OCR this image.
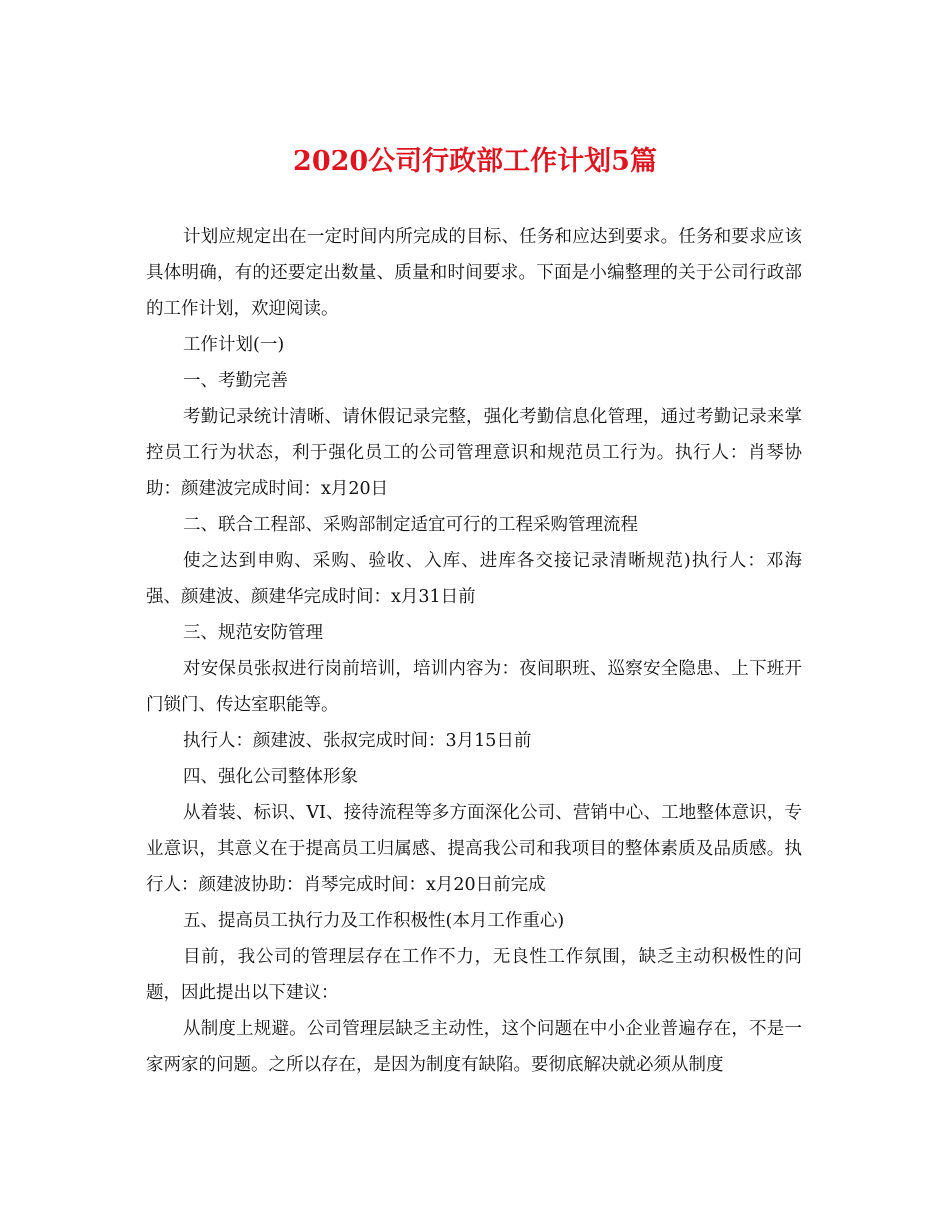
2020公司行政部工作计划5篇

计划应规定出在一定时间内所完成的目标、任务和应达到要求。任务和要求应该具体明确，有的还要定出数量、质量和时间要求。下面是小编整理的关于公司行政部的工作计划，欢迎阅读。

工作计划(一)

一、考勤完善

考勤记录统计清晰、请休假记录完整，强化考勤信息化管理，通过考勤记录来掌控员工行为状态，利于强化员工的公司管理意识和规范员工行为。执行人：肖琴协助：颜建波完成时间：x月20日

二、联合工程部、采购部制定适宜可行的工程采购管理流程

使之达到申购、采购、验收、入库、进库各交接记录清晰规范)执行人：邓海强、颜建波、颜建华完成时间：x月31日前

三、规范安防管理

对安保员张叔进行岗前培训，培训内容为：夜间职班、巡察安全隐患、上下班开门锁门、传达室职能等。

执行人：颜建波、张叔完成时间：3月15日前

四、强化公司整体形象

从着装、标识、VI、接待流程等多方面深化公司、营销中心、工地整体意识，专业意识，其意义在于提高员工归属感、提高我公司和我项目的整体素质及品质感。执行人：颜建波协助：肖琴完成时间：x月20日前完成

五、提高员工执行力及工作积极性(本月工作重心)

目前，我公司的管理层存在工作不力，无良性工作氛围，缺乏主动积极性的问题，因此提出以下建议：

从制度上规避。公司管理层缺乏主动性，这个问题在中小企业普遍存在，不是一家两家的问题。之所以存在，是因为制度有缺陷。要彻底解决就必须从制度
